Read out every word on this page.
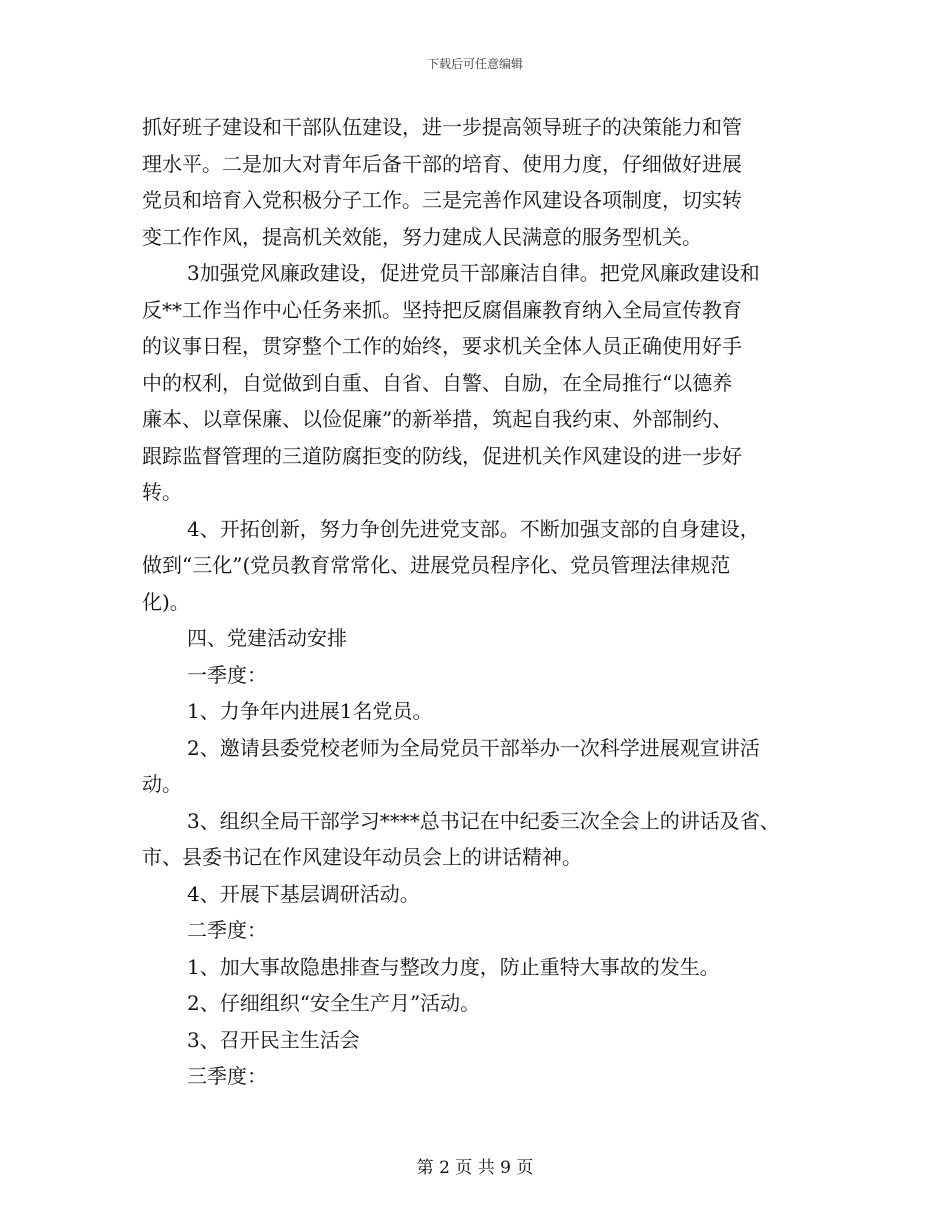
下载后可任意编辑
抓好班子建设和干部队伍建设，进一步提高领导班子的决策能力和管
理水平。二是加大对青年后备干部的培育、使用力度，仔细做好进展
党员和培育入党积极分子工作。三是完善作风建设各项制度，切实转
变工作作风，提高机关效能，努力建成人民满意的服务型机关。
3加强党风廉政建设，促进党员干部廉洁自律。把党风廉政建设和
反**工作当作中心任务来抓。坚持把反腐倡廉教育纳入全局宣传教育
的议事日程，贯穿整个工作的始终，要求机关全体人员正确使用好手
中的权利，自觉做到自重、自省、自警、自励，在全局推行“以德养
廉本、以章保廉、以俭促廉”的新举措，筑起自我约束、外部制约、
跟踪监督管理的三道防腐拒变的防线，促进机关作风建设的进一步好
转。
4、开拓创新，努力争创先进党支部。不断加强支部的自身建设，
做到“三化”(党员教育常常化、进展党员程序化、党员管理法律规范
化)。
四、党建活动安排
一季度：
1、力争年内进展1名党员。
2、邀请县委党校老师为全局党员干部举办一次科学进展观宣讲活
动。
3、组织全局干部学习****总书记在中纪委三次全会上的讲话及省、
市、县委书记在作风建设年动员会上的讲话精神。
4、开展下基层调研活动。
二季度：
1、加大事故隐患排查与整改力度，防止重特大事故的发生。
2、仔细组织“安全生产月”活动。
3、召开民主生活会
三季度：
第 2 页 共 9 页
